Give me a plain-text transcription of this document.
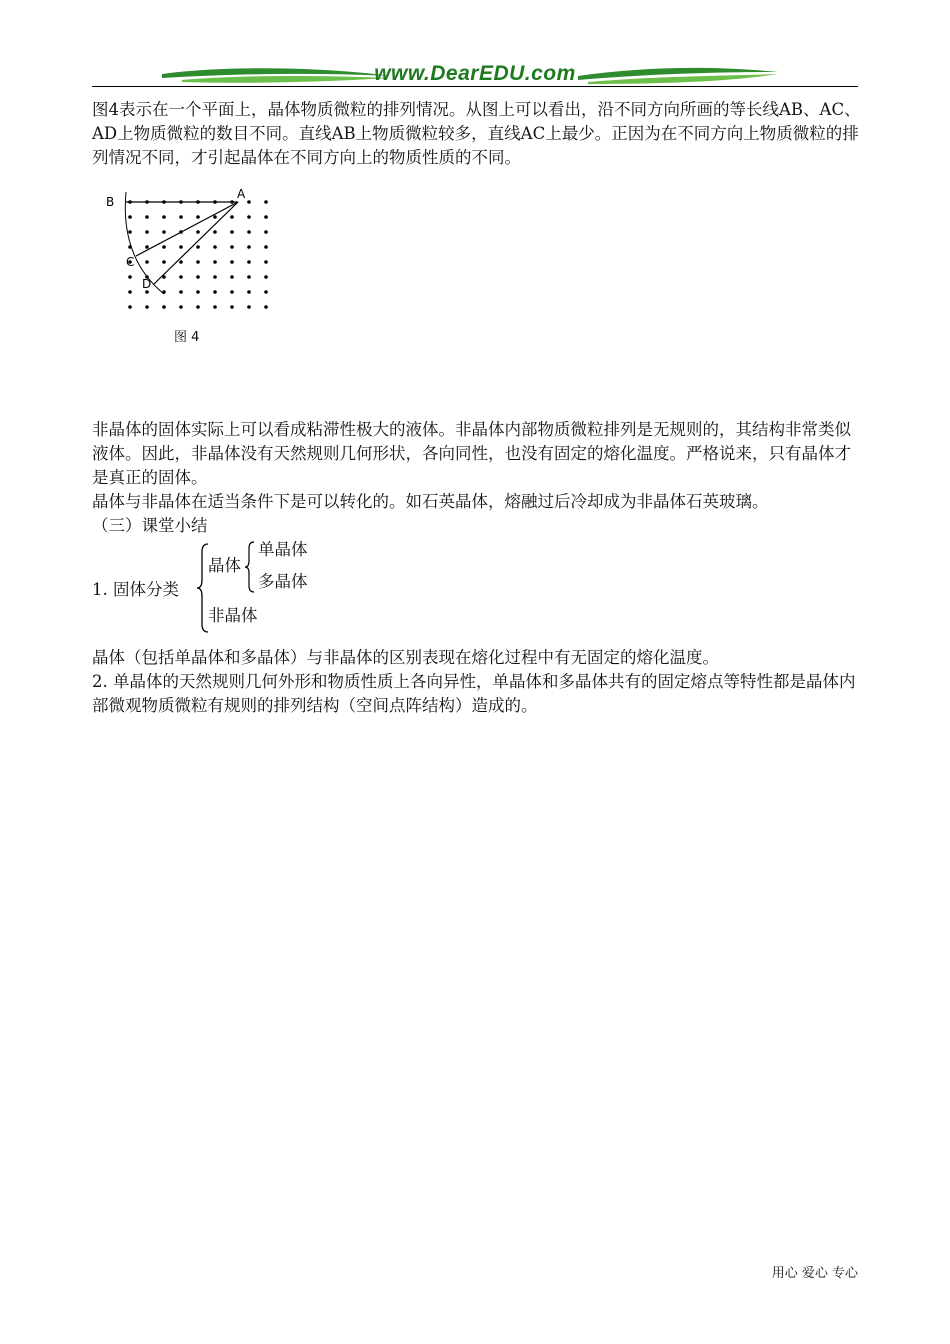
www.DearEDU.com

图4表示在一个平面上，晶体物质微粒的排列情况。从图上可以看出，沿不同方向所画的等长线AB、AC、AD上物质微粒的数目不同。直线AB上物质微粒较多，直线AC上最少。正因为在不同方向上物质微粒的排列情况不同，才引起晶体在不同方向上的物质性质的不同。

A
B
C
D
图 4

非晶体的固体实际上可以看成粘滞性极大的液体。非晶体内部物质微粒排列是无规则的，其结构非常类似液体。因此，非晶体没有天然规则几何形状，各向同性，也没有固定的熔化温度。严格说来，只有晶体才是真正的固体。

晶体与非晶体在适当条件下是可以转化的。如石英晶体，熔融过后冷却成为非晶体石英玻璃。

（三）课堂小结

1. 固体分类
晶体
单晶体
多晶体
非晶体

晶体（包括单晶体和多晶体）与非晶体的区别表现在熔化过程中有无固定的熔化温度。

2. 单晶体的天然规则几何外形和物质性质上各向异性，单晶体和多晶体共有的固定熔点等特性都是晶体内部微观物质微粒有规则的排列结构（空间点阵结构）造成的。

用心 爱心 专心
